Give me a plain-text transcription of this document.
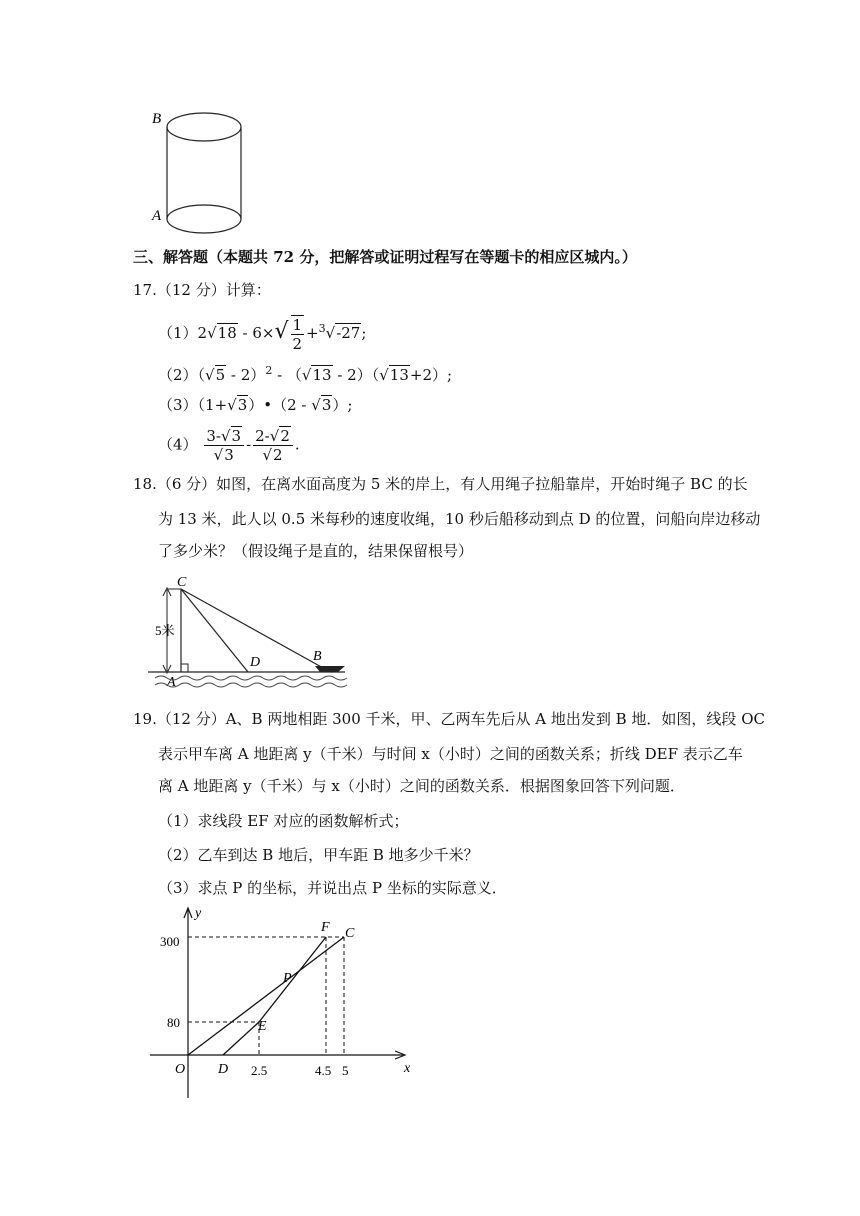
B
A
三、解答题（本题共 72 分，把解答或证明过程写在等题卡的相应区城内。）
17.（12 分）计算：
$(1)2√18 - 6\times√ \frac{1}{2} +^3√-27$;
（2）（√5 - 2）$^2$ - （√13 - 2）（√13+2）;
（3）（1+√3）•（2 - √3）;
$(4) \frac{3-√3}{√3} - \frac{2-√2}{√2}$ .
18.（6 分）如图，在离水面高度为 5 米的岸上，有人用绳子拉船靠岸，开始时绳子 BC 的长
为 13 米，此人以 0.5 米每秒的速度收绳，10 秒后船移动到点 D 的位置，问船向岸边移动
了多少米？（假设绳子是直的，结果保留根号）
C
5米
D	B
A
19.（12 分）A、B 两地相距 300 千米，甲、乙两车先后从 A 地出发到 B 地．如图，线段 OC
表示甲车离 A 地距离 y（千米）与时间 x（小时）之间的函数关系；折线 DEF 表示乙车
离 A 地距离 y（千米）与 x（小时）之间的函数关系．根据图象回答下列问题．
（1）求线段 EF 对应的函数解析式；
（2）乙车到达 B 地后，甲车距 B 地多少千米？
（3）求点 P 的坐标，并说出点 P 坐标的实际意义．
y
x
O
300
80
2.5	4.5 5
F C
P
E
D
